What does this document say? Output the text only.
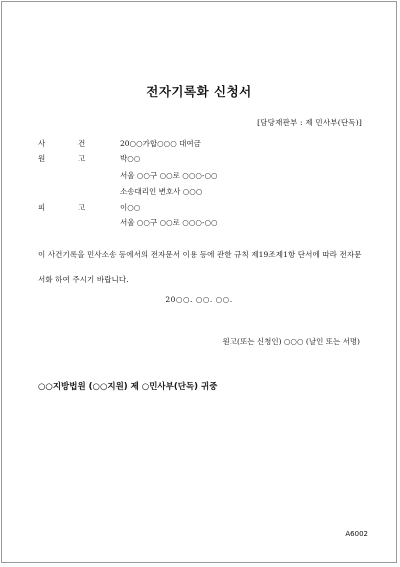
전자기록화 신청서
[담당재판부 : 제 민사부(단독)]
사	건	20○○가합○○○ 대여금
원	고	박○○
서울 ○○구 ○○로 ○○○-○○
소송대리인 변호사 ○○○
피	고	이○○
서울 ○○구 ○○로 ○○○-○○
이 사건기록을 민사소송 등에서의 전자문서 이용 등에 관한 규칙 제19조제1항 단서에 따라 전자문서화 하여 주시기 바랍니다.
20○○. ○○. ○○.
원고(또는 신청인) ○○○ (날인 또는 서명)
○○지방법원 (○○지원) 제 ○민사부(단독) 귀중
A6002
